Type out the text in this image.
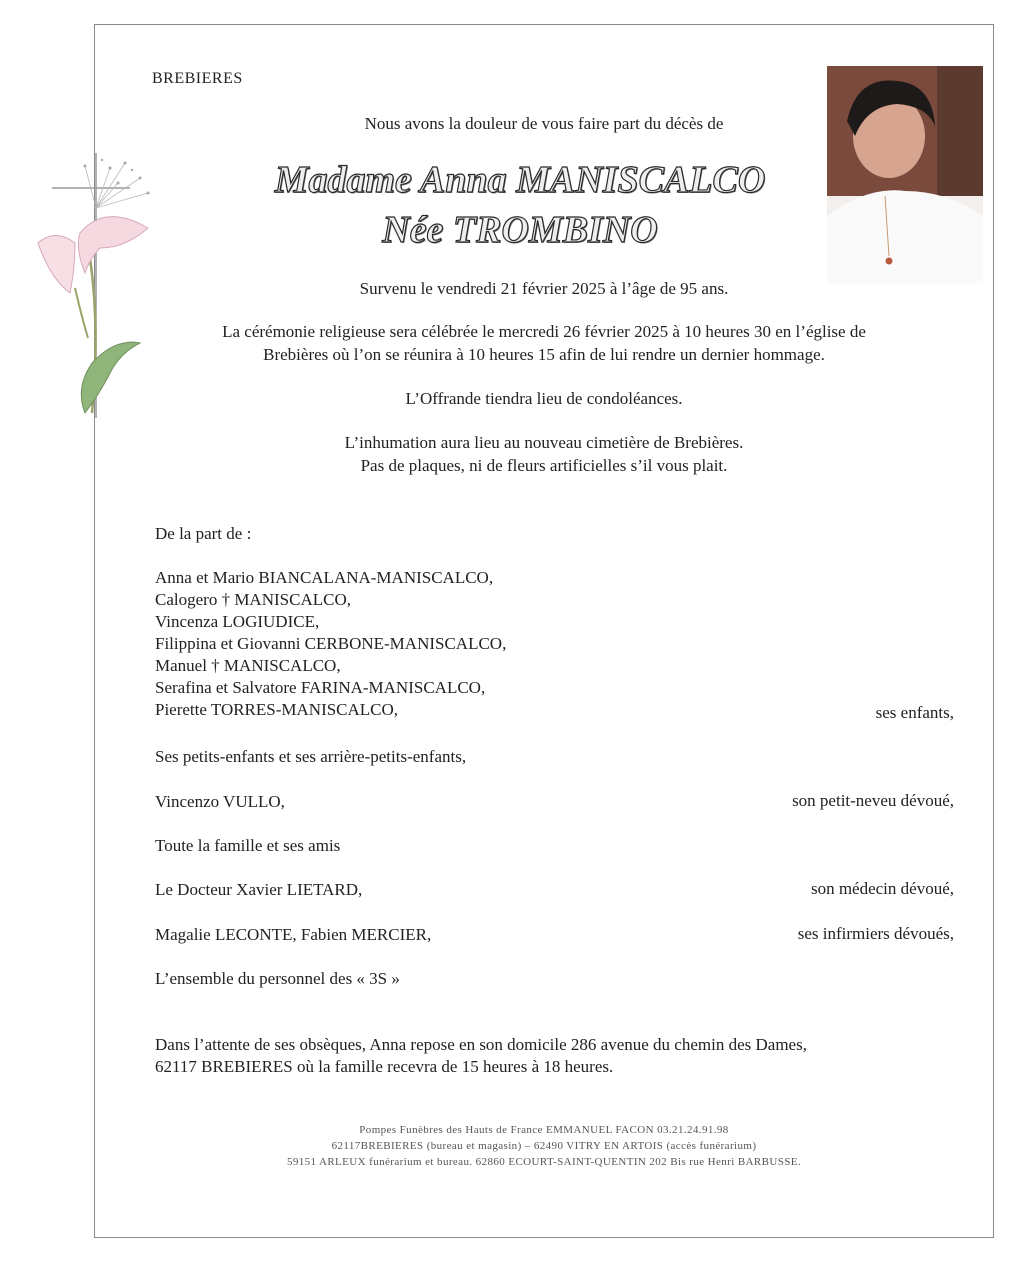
BREBIERES
Nous avons la douleur de vous faire part du décès de
Madame Anna MANISCALCO
Née TROMBINO
Survenu le vendredi 21 février 2025 à l’âge de 95 ans.
La cérémonie religieuse sera célébrée le mercredi 26 février 2025 à 10 heures 30 en l’église de
Brebières où l’on se réunira à 10 heures 15 afin de lui rendre un dernier hommage.
L’Offrande tiendra lieu de condoléances.
L’inhumation aura lieu au nouveau cimetière de Brebières.
Pas de plaques, ni de fleurs artificielles s’il vous plait.
De la part de :
Anna et Mario BIANCALANA-MANISCALCO,
Calogero † MANISCALCO,
Vincenza LOGIUDICE,
Filippina et Giovanni CERBONE-MANISCALCO,
Manuel † MANISCALCO,
Serafina et Salvatore FARINA-MANISCALCO,
Pierette TORRES-MANISCALCO,	ses enfants,
Ses petits-enfants et ses arrière-petits-enfants,
Vincenzo VULLO,	son petit-neveu dévoué,
Toute la famille et ses amis
Le Docteur Xavier LIETARD,	son médecin dévoué,
Magalie LECONTE, Fabien MERCIER,	ses infirmiers dévoués,
L’ensemble du personnel des « 3S »
Dans l’attente de ses obsèques, Anna repose en son domicile 286 avenue du chemin des Dames,
62117 BREBIERES où la famille recevra de 15 heures à 18 heures.
Pompes Funèbres des Hauts de France EMMANUEL FACON 03.21.24.91.98
62117BREBIERES (bureau et magasin) – 62490 VITRY EN ARTOIS (accès funérarium)
59151 ARLEUX funérarium et bureau. 62860 ECOURT-SAINT-QUENTIN 202 Bis rue Henri BARBUSSE.
